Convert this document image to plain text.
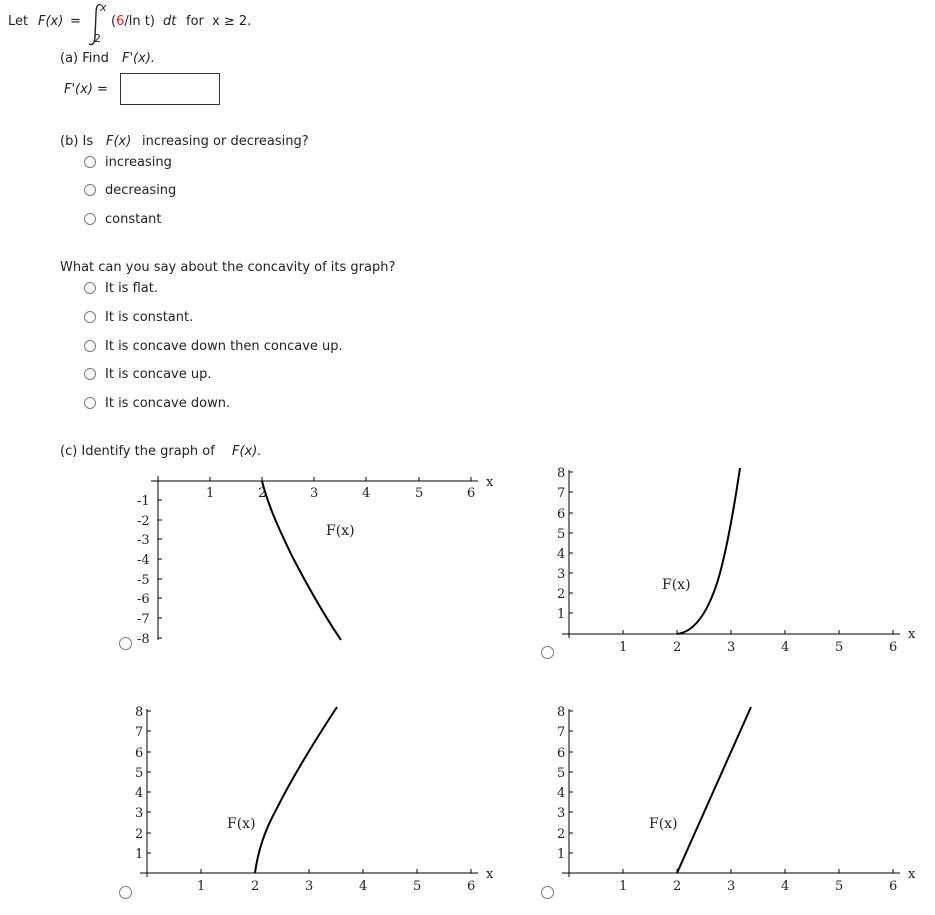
Let F(x) =
x
2
(6/ln t) dt for x ≥ 2.
(a) Find F'(x).
F'(x) =
(b) Is F(x) increasing or decreasing?
increasing
decreasing
constant
What can you say about the concavity of its graph?
It is flat.
It is constant.
It is concave down then concave up.
It is concave up.
It is concave down.
(c) Identify the graph of F(x).
1	2	3	4	5	6
x
-1
-2
-3
-4
-5
-6
-7
-8
F(x)
1	2	3	4	5	6
x
1
2
3
4
5
6
7
8
F(x)
1	2	3	4	5	6
x
1
2
3
4
5
6
7
8
F(x)
1	2	3	4	5	6
x
1
2
3
4
5
6
7
8
F(x)
